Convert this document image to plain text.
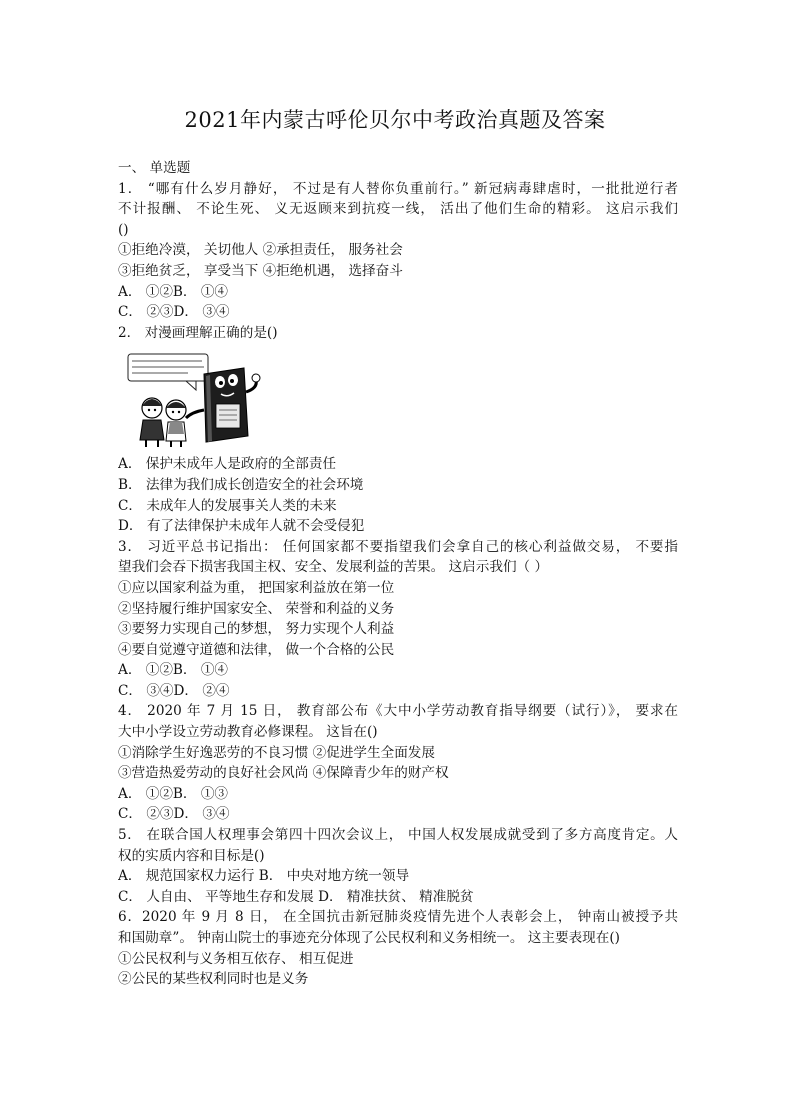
2021年内蒙古呼伦贝尔中考政治真题及答案
一、 单选题
1． “哪有什么岁月静好， 不过是有人替你负重前行。” 新冠病毒肆虐时，一批批逆行者
不计报酬、 不论生死、 义无返顾来到抗疫一线， 活出了他们生命的精彩。 这启示我们
()
①拒绝冷漠， 关切他人 ②承担责任， 服务社会
③拒绝贫乏， 享受当下 ④拒绝机遇， 选择奋斗
A． ①②B． ①④
C． ②③D． ③④
2． 对漫画理解正确的是()
A． 保护未成年人是政府的全部责任
B． 法律为我们成长创造安全的社会环境
C． 未成年人的发展事关人类的未来
D． 有了法律保护未成年人就不会受侵犯
3． 习近平总书记指出： 任何国家都不要指望我们会拿自己的核心利益做交易， 不要指
望我们会吞下损害我国主权、安全、发展利益的苦果。 这启示我们（ ）
①应以国家利益为重， 把国家利益放在第一位
②坚持履行维护国家安全、 荣誉和利益的义务
③要努力实现自己的梦想， 努力实现个人利益
④要自觉遵守道德和法律， 做一个合格的公民
A． ①②B． ①④
C． ③④D． ②④
4． 2020 年 7 月 15 日， 教育部公布《大中小学劳动教育指导纲要（试行）》， 要求在
大中小学设立劳动教育必修课程。 这旨在()
①消除学生好逸恶劳的不良习惯 ②促进学生全面发展
③营造热爱劳动的良好社会风尚 ④保障青少年的财产权
A． ①②B． ①③
C． ②③D． ③④
5． 在联合国人权理事会第四十四次会议上， 中国人权发展成就受到了多方高度肯定。人
权的实质内容和目标是()
A． 规范国家权力运行 B． 中央对地方统一领导
C． 人自由、 平等地生存和发展 D． 精准扶贫、 精准脱贫
6．2020 年 9 月 8 日， 在全国抗击新冠肺炎疫情先进个人表彰会上， 钟南山被授予共
和国勋章”。 钟南山院士的事迹充分体现了公民权利和义务相统一。 这主要表现在()
①公民权利与义务相互依存、 相互促进
②公民的某些权利同时也是义务
